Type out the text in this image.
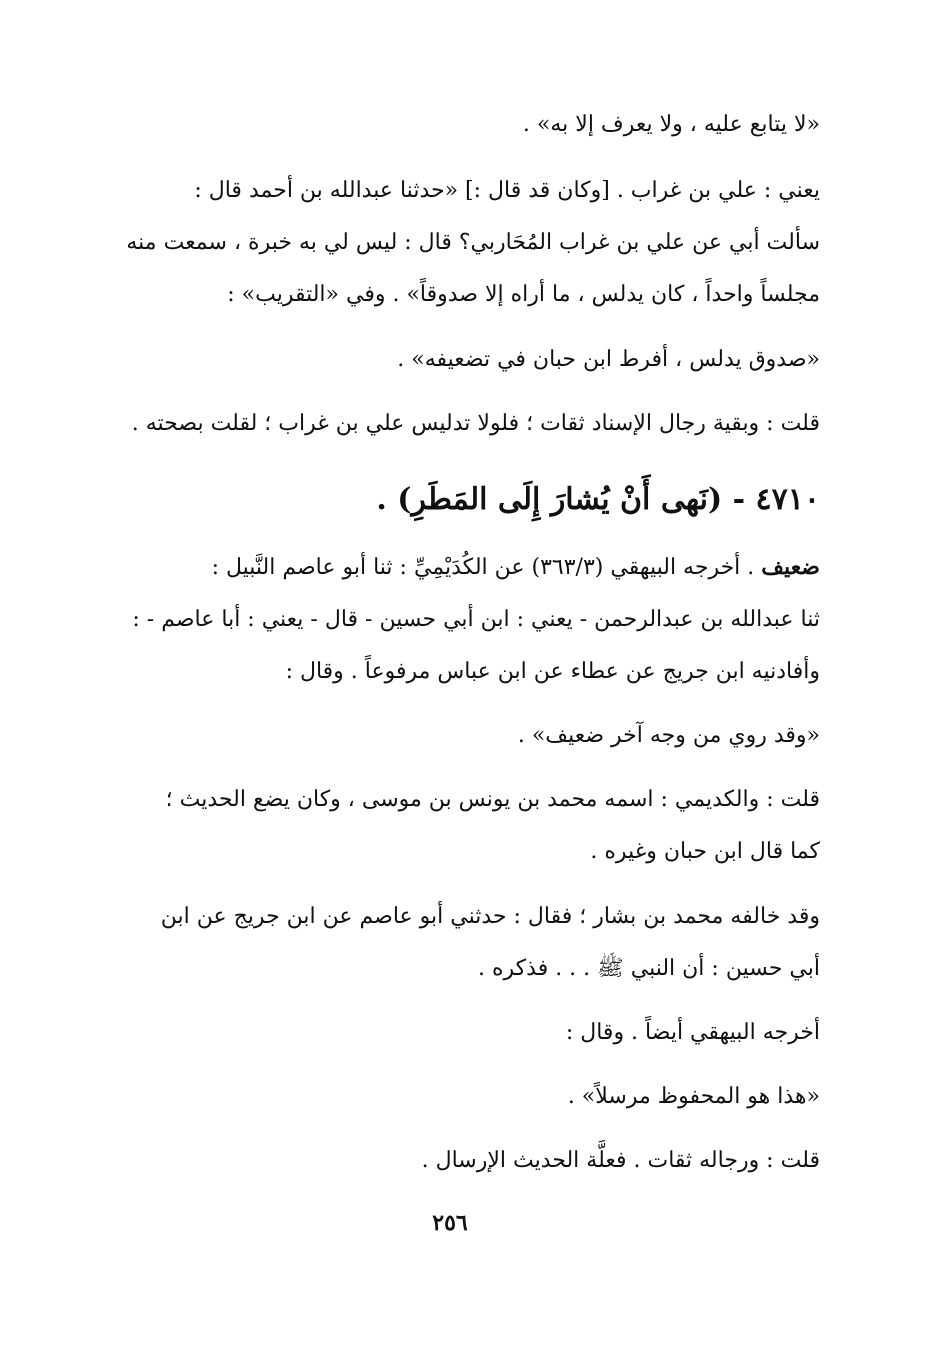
«لا يتابع عليه ، ولا يعرف إلا به» .
يعني : علي بن غراب . [وكان قد قال :] «حدثنا عبدالله بن أحمد قال :
سألت أبي عن علي بن غراب المُحَاربي؟ قال : ليس لي به خبرة ، سمعت منه
مجلساً واحداً ، كان يدلس ، ما أراه إلا صدوقاً» . وفي «التقريب» :
«صدوق يدلس ، أفرط ابن حبان في تضعيفه» .
قلت : وبقية رجال الإسناد ثقات ؛ فلولا تدليس علي بن غراب ؛ لقلت بصحته .
٤٧١٠ - (نَهى أَنْ يُشارَ إِلَى المَطَرِ) .
ضعيف . أخرجه البيهقي (٣٦٣/٣) عن الكُدَيْمِيِّ : ثنا أبو عاصم النَّبيل :
ثنا عبدالله بن عبدالرحمن - يعني : ابن أبي حسين - قال - يعني : أبا عاصم - :
وأفادنيه ابن جريج عن عطاء عن ابن عباس مرفوعاً . وقال :
«وقد روي من وجه آخر ضعيف» .
قلت : والكديمي : اسمه محمد بن يونس بن موسى ، وكان يضع الحديث ؛
كما قال ابن حبان وغيره .
وقد خالفه محمد بن بشار ؛ فقال : حدثني أبو عاصم عن ابن جريج عن ابن
أبي حسين : أن النبي ﷺ . . . فذكره .
أخرجه البيهقي أيضاً . وقال :
«هذا هو المحفوظ مرسلاً» .
قلت : ورجاله ثقات . فعلَّة الحديث الإرسال .
٢٥٦
